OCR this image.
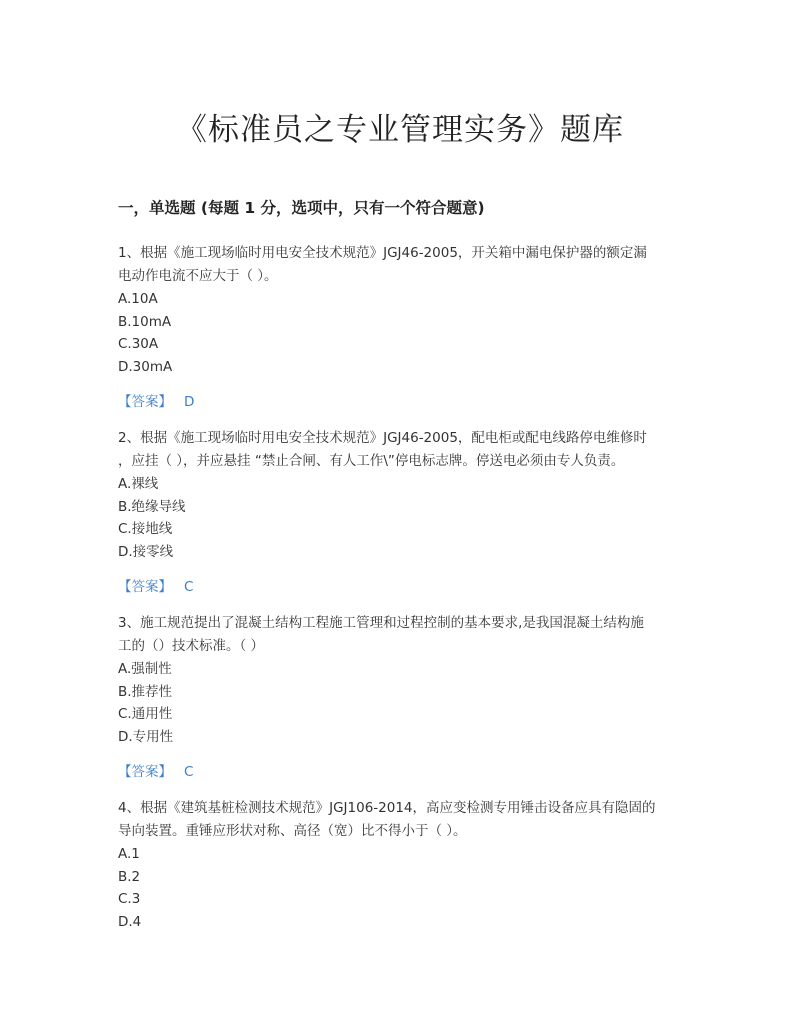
《标准员之专业管理实务》题库
一，单选题 (每题 1 分，选项中，只有一个符合题意)
1、根据《施工现场临时用电安全技术规范》JGJ46-2005，开关箱中漏电保护器的额定漏
电动作电流不应大于（ ）。
A.10A
B.10mA
C.30A
D.30mA
【答案】 D
2、根据《施工现场临时用电安全技术规范》JGJ46-2005，配电柜或配电线路停电维修时
，应挂（ ），并应悬挂 “禁止合闸、有人工作\”停电标志牌。停送电必须由专人负责。
A.裸线
B.绝缘导线
C.接地线
D.接零线
【答案】 C
3、施工规范提出了混凝土结构工程施工管理和过程控制的基本要求,是我国混凝土结构施
工的（）技术标准。（ ）
A.强制性
B.推荐性
C.通用性
D.专用性
【答案】 C
4、根据《建筑基桩检测技术规范》JGJ106-2014，高应变检测专用锤击设备应具有隐固的
导向装置。重锤应形状对称、高径（宽）比不得小于（ ）。
A.1
B.2
C.3
D.4
